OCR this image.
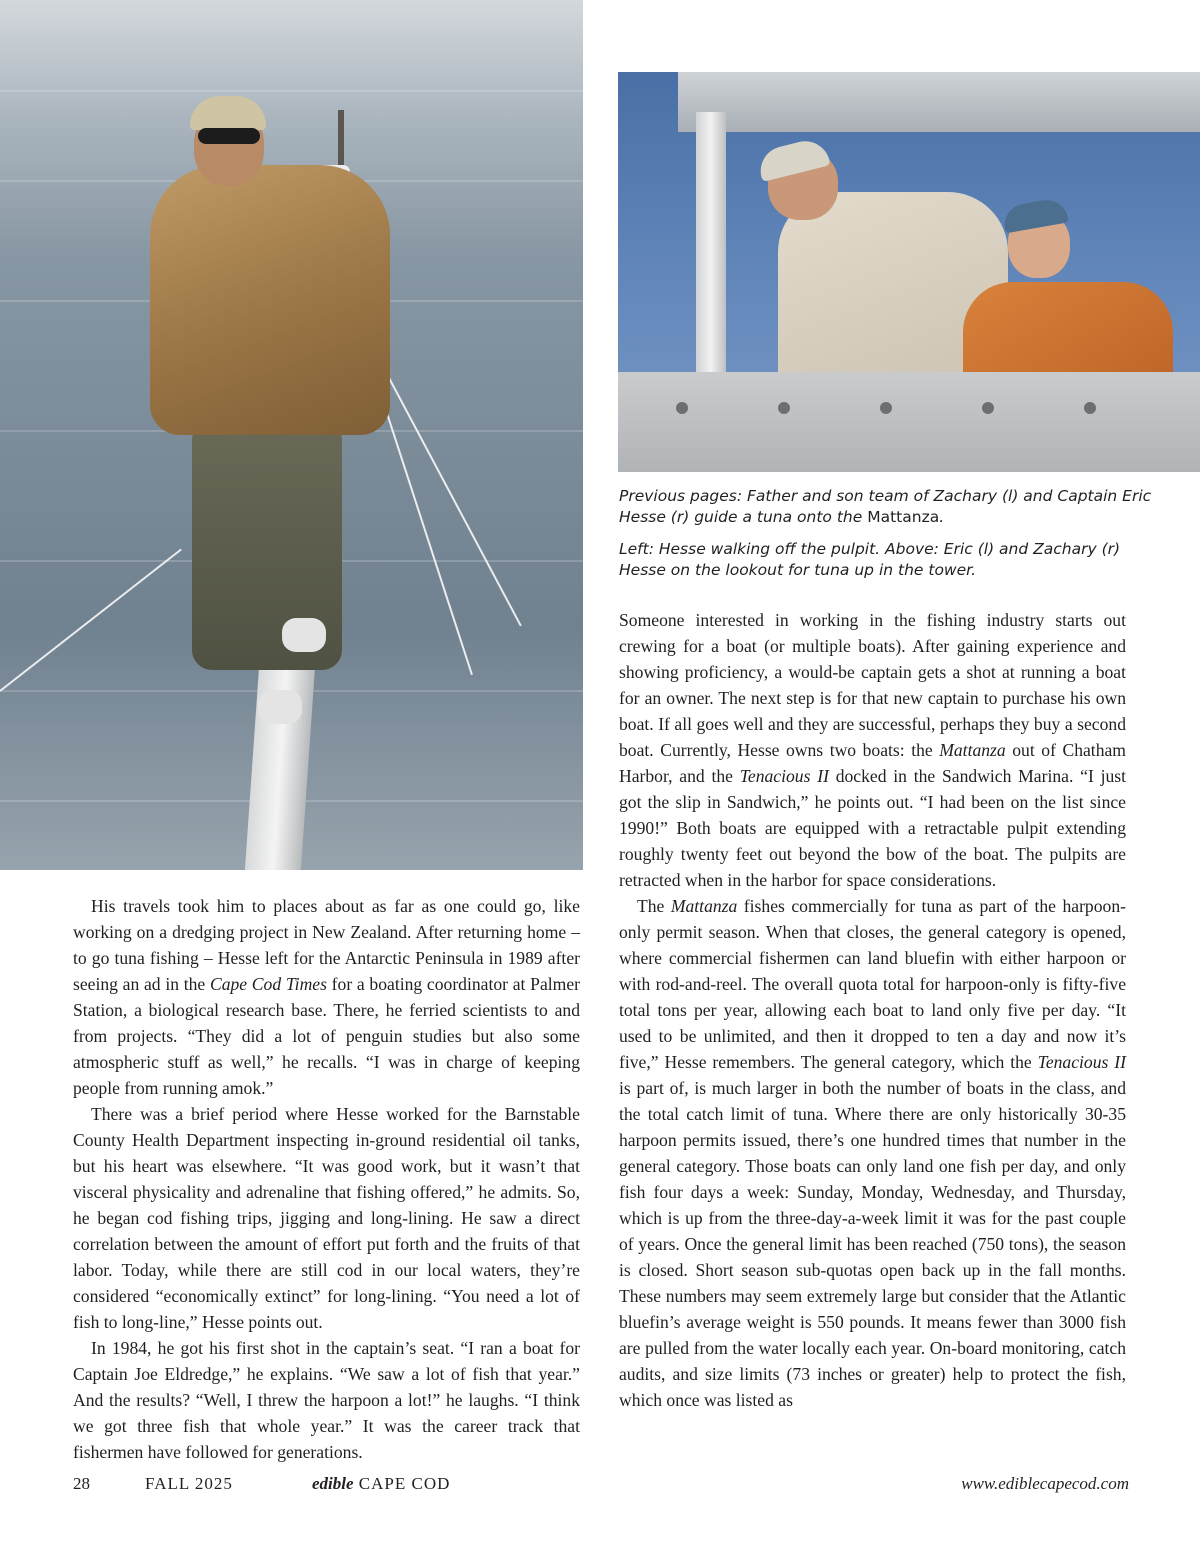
Previous pages: Father and son team of Zachary (l) and Captain Eric Hesse (r) guide a tuna onto the Mattanza.
Left: Hesse walking off the pulpit. Above: Eric (l) and Zachary (r) Hesse on the lookout for tuna up in the tower.

His travels took him to places about as far as one could go, like working on a dredging project in New Zealand. After returning home – to go tuna fishing – Hesse left for the Antarctic Peninsula in 1989 after seeing an ad in the Cape Cod Times for a boating coordinator at Palmer Station, a biological research base. There, he ferried scientists to and from projects. “They did a lot of penguin studies but also some atmospheric stuff as well,” he recalls. “I was in charge of keeping people from running amok.”

There was a brief period where Hesse worked for the Barnstable County Health Department inspecting in-ground residential oil tanks, but his heart was elsewhere. “It was good work, but it wasn’t that visceral physicality and adrenaline that fishing offered,” he admits. So, he began cod fishing trips, jigging and long-lining. He saw a direct correlation between the amount of effort put forth and the fruits of that labor. Today, while there are still cod in our local waters, they’re considered “economically extinct” for long-lining. “You need a lot of fish to long-line,” Hesse points out.

In 1984, he got his first shot in the captain’s seat. “I ran a boat for Captain Joe Eldredge,” he explains. “We saw a lot of fish that year.” And the results? “Well, I threw the harpoon a lot!” he laughs. “I think we got three fish that whole year.” It was the career track that fishermen have followed for generations.

Someone interested in working in the fishing industry starts out crewing for a boat (or multiple boats). After gaining experience and showing proficiency, a would-be captain gets a shot at running a boat for an owner. The next step is for that new captain to purchase his own boat. If all goes well and they are successful, perhaps they buy a second boat. Currently, Hesse owns two boats: the Mattanza out of Chatham Harbor, and the Tenacious II docked in the Sandwich Marina. “I just got the slip in Sandwich,” he points out. “I had been on the list since 1990!” Both boats are equipped with a retractable pulpit extending roughly twenty feet out beyond the bow of the boat. The pulpits are retracted when in the harbor for space considerations.

The Mattanza fishes commercially for tuna as part of the harpoon-only permit season. When that closes, the general category is opened, where commercial fishermen can land bluefin with either harpoon or with rod-and-reel. The overall quota total for harpoon-only is fifty-five total tons per year, allowing each boat to land only five per day. “It used to be unlimited, and then it dropped to ten a day and now it’s five,” Hesse remembers. The general category, which the Tenacious II is part of, is much larger in both the number of boats in the class, and the total catch limit of tuna. Where there are only historically 30-35 harpoon permits issued, there’s one hundred times that number in the general category. Those boats can only land one fish per day, and only fish four days a week: Sunday, Monday, Wednesday, and Thursday, which is up from the three-day-a-week limit it was for the past couple of years. Once the general limit has been reached (750 tons), the season is closed. Short season sub-quotas open back up in the fall months. These numbers may seem extremely large but consider that the Atlantic bluefin’s average weight is 550 pounds. It means fewer than 3000 fish are pulled from the water locally each year. On-board monitoring, catch audits, and size limits (73 inches or greater) help to protect the fish, which once was listed as

28	FALL 2025	edible CAPE COD	www.ediblecapecod.com
